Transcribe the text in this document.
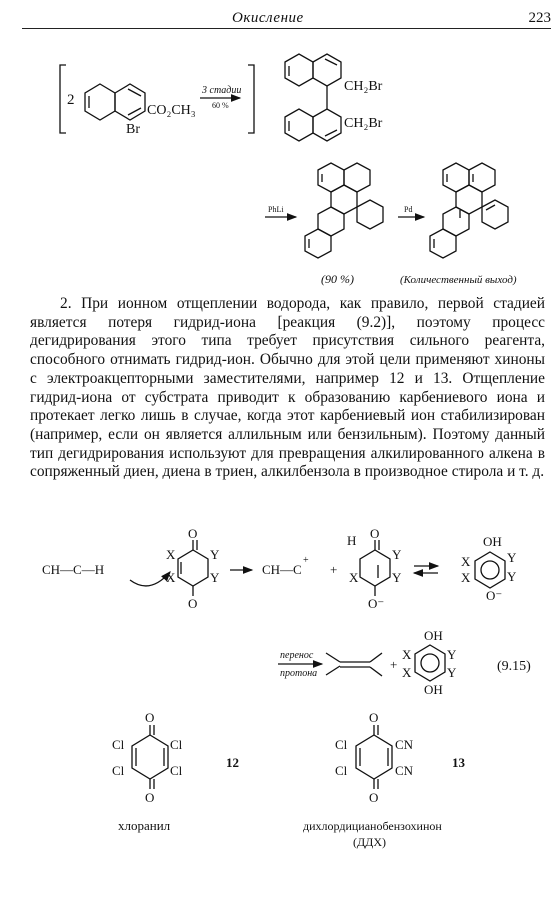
Окисление	223
2
CO₂CH₃
Br
3 стадии
60 %
CH₂Br
CH₂Br
PhLi	Pd
(90 %)	(Количественный выход)
CH—C—H
O
O
X
X
Y
Y
CH—C
+
+
H O
O⁻
X
Y
Y
OH
O⁻
X
X
Y
Y
перенос
протона
+
OH
OH
X
X
Y
Y	(9.15)
O
O
Cl	Cl
Cl	Cl
12
хлоранил
O
O
Cl
Cl
CN
CN
13
дихлордицианобензохинон
(ДДХ)

2. При ионном отщеплении водорода, как правило, первой стадией является потеря гидрид-иона [реакция (9.2)], поэтому процесс дегидрирования этого типа требует присутствия сильного реагента, способного отнимать гидрид-ион. Обычно для этой цели применяют хиноны с электроакцепторными заместителями, например 12 и 13. Отщепление гидрид-иона от субстрата приводит к образованию карбениевого иона и протекает легко лишь в случае, когда этот карбениевый ион стабилизирован (например, если он является аллильным или бензильным). Поэтому данный тип дегидрирования используют для превращения алкилированного алкена в сопряженный диен, диена в триен, алкилбензола в производное стирола и т. д.
